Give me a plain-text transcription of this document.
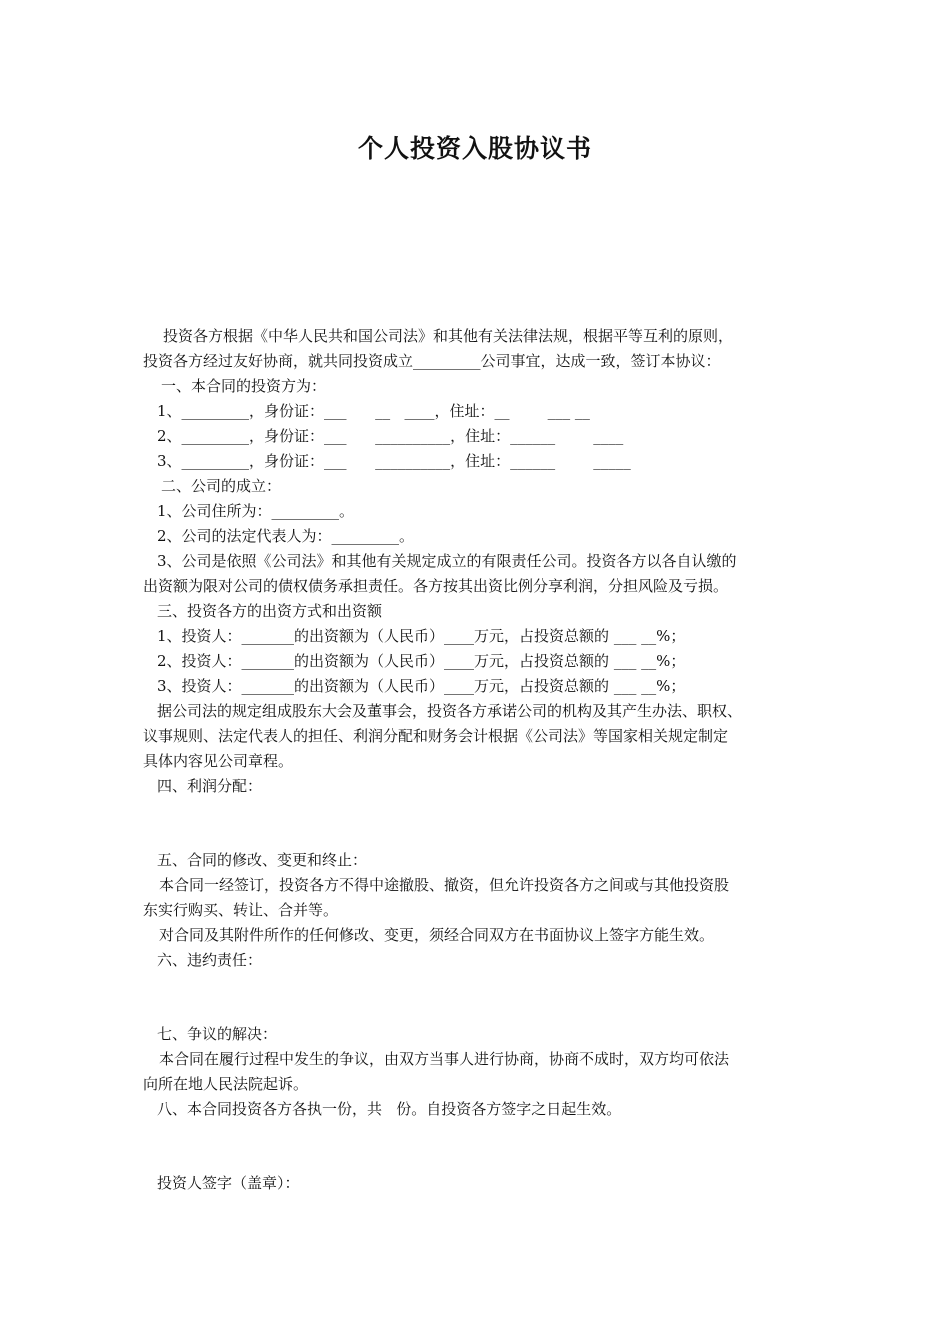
个人投资入股协议书
投资各方根据《中华人民共和国公司法》和其他有关法律法规，根据平等互利的原则，
投资各方经过友好协商，就共同投资成立_________公司事宜，达成一致，签订本协议：
一、本合同的投资方为：
1、_________，身份证：___      __   ____，住址：__        ___ __
2、_________，身份证：___      __________，住址：______        ____
3、_________，身份证：___      __________，住址：______        _____
二、公司的成立：
1、公司住所为：_________。
2、公司的法定代表人为：_________。
3、公司是依照《公司法》和其他有关规定成立的有限责任公司。投资各方以各自认缴的
出资额为限对公司的债权债务承担责任。各方按其出资比例分享利润，分担风险及亏损。
三、投资各方的出资方式和出资额
1、投资人：_______的出资额为（人民币）____万元，占投资总额的 ___ __%；
2、投资人：_______的出资额为（人民币）____万元，占投资总额的 ___ __%；
3、投资人：_______的出资额为（人民币）____万元，占投资总额的 ___ __%；
据公司法的规定组成股东大会及董事会，投资各方承诺公司的机构及其产生办法、职权、
议事规则、法定代表人的担任、利润分配和财务会计根据《公司法》等国家相关规定制定
具体内容见公司章程。
四、利润分配：
五、合同的修改、变更和终止：
本合同一经签订，投资各方不得中途撤股、撤资，但允许投资各方之间或与其他投资股
东实行购买、转让、合并等。
对合同及其附件所作的任何修改、变更，须经合同双方在书面协议上签字方能生效。
六、违约责任：
七、争议的解决：
本合同在履行过程中发生的争议，由双方当事人进行协商，协商不成时，双方均可依法
向所在地人民法院起诉。
八、本合同投资各方各执一份，共   份。自投资各方签字之日起生效。
投资人签字（盖章）：
